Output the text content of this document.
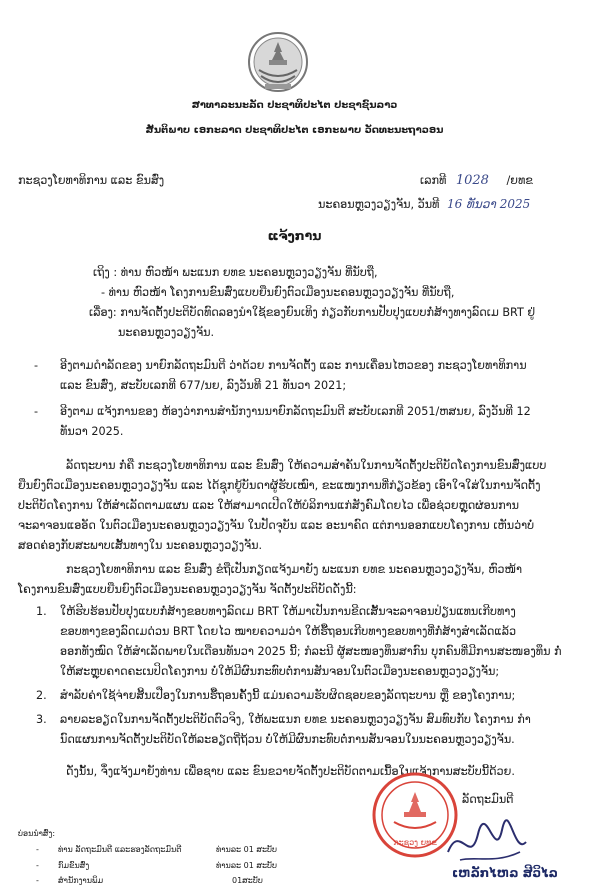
ສາທາລະນະລັດ ປະຊາທິປະໄຕ ປະຊາຊົນລາວ
ສັນຕິພາບ ເອກະລາດ ປະຊາທິປະໄຕ ເອກະພາບ ວັດທະນະຖາວອນ
ກະຊວງໂຍທາທິການ ແລະ ຂົນສົ່ງ	ເລກທີ 1028 /ຍທຂ
ນະຄອນຫຼວງວຽງຈັນ, ວັນທີ 16 ທັນວາ 2025
ແຈ້ງການ
ເຖິງ : ທ່ານ ຫົວໜ້າ ພະແນກ ຍທຂ ນະຄອນຫຼວງວຽງຈັນ ທີ່ນັບຖື,
- ທ່ານ ຫົວໜ້າ ໂຄງການຂົນສົ່ງແບບຍືນຍົງຕົວເມືອງນະຄອນຫຼວງວຽງຈັນ ທີ່ນັບຖື,
ເລື່ອງ: ການຈັດຕັ້ງປະຕິບັດທົດລອງນຳໃຊ້ຂອງຍົນເທິງ ກ່ຽວກັບການປັບປຸງແບບກໍ່ສ້າງທາງລົດເມ BRT ຢູ່
ນະຄອນຫຼວງວຽງຈັນ.
- ອີງຕາມດຳລັດຂອງ ນາຍົກລັດຖະມົນຕີ ວ່າດ້ວຍ ການຈັດຕັ້ງ ແລະ ການເຄື່ອນໄຫວຂອງ ກະຊວງໂຍທາທິການ
ແລະ ຂົນສົ່ງ, ສະບັບເລກທີ 677/ນຍ, ລົງວັນທີ 21 ທັນວາ 2021;
- ອີງຕາມ ແຈ້ງການຂອງ ຫ້ອງວ່າການສຳນັກງານນາຍົກລັດຖະມົນຕີ ສະບັບເລກທີ 2051/ຫສນຍ, ລົງວັນທີ 12
ທັນວາ 2025.
ລັດຖະບານ ກໍ່ຄື ກະຊວງໂຍທາທິການ ແລະ ຂົນສົ່ງ ໃຫ້ຄວາມສຳຄັນໃນການຈັດຕັ້ງປະຕິບັດໂຄງການຂົນສົ່ງແບບ
ຍືນຍົງຕົວເມືອງນະຄອນຫຼວງວຽງຈັນ ແລະ ໄດ້ຊຸກຍູ້ບັນດາຜູ້ຮັບເໝົາ, ຂະແໜງການທີ່ກ່ຽວຂ້ອງ ເອົາໃຈໃສ່ໃນການຈັດຕັ້ງ
ປະຕິບັດໂຄງການ ໃຫ້ສຳເລັດຕາມແຜນ ແລະ ໃຫ້ສາມາດເປີດໃຫ້ບໍລິການແກ່ສັງຄົມໂດຍໄວ ເພື່ອຊ່ວຍຫຼຸດຜ່ອນການ
ຈະລາຈອນແອອັດ ໃນຕົວເມືອງນະຄອນຫຼວງວຽງຈັນ ໃນປັດຈຸບັນ ແລະ ອະນາຄົດ ແຕ່ການອອກແບບໂຄງການ ເຫັນວ່າບໍ່
ສອດຄ່ອງກັບສະພາບເສັ້ນທາງໃນ ນະຄອນຫຼວງວຽງຈັນ.
ກະຊວງໂຍທາທິການ ແລະ ຂົນສົ່ງ ຂໍຖືເປັນກຽດແຈ້ງມາຍັງ ພະແນກ ຍທຂ ນະຄອນຫຼວງວຽງຈັນ, ຫົວໜ້າ
ໂຄງການຂົນສົ່ງແບບຍືນຍົງຕົວເມືອງນະຄອນຫຼວງວຽງຈັນ ຈັດຕັ້ງປະຕິບັດດັ່ງນີ້:
1. ໃຫ້ຮີບຮ້ອນປັບປຸງແບບກໍ່ສ້າງຂອບທາງລົດເມ BRT ໃຫ້ມາເປັນການຂີດເສັ້ນຈະລາຈອນປ່ຽນແທນເກີບທາງ
ຂອບທາງຂອງລົດເມດ່ວນ BRT ໂດຍໄວ ໝາຍຄວາມວ່າ ໃຫ້ຮື້ຖອນເກີບທາງຂອບທາງທີ່ກໍ່ສ້າງສຳເລັດແລ້ວ
ອອກທັງໝົດ ໃຫ້ສຳເລັດພາຍໃນເດືອນທັນວາ 2025 ນີ້; ກໍລະນີ ຜູ້ສະໜອງທຶນສາກົນ ບຸກຄົນທີ່ມີການສະໜອງທຶນ ກໍ່
ໃຫ້ສະຫຼຸບຄາດຄະເນປິດໂຄງການ ບໍ່ໃຫ້ມີຜົນກະທົບຕໍ່ການສັນຈອນໃນຕົວເມືອງນະຄອນຫຼວງວຽງຈັນ;
2. ສຳລັບຄ່າໃຊ້ຈ່າຍສິ້ນເປືອງໃນການຮື້ຖອນຄັ້ງນີ້ ແມ່ນຄວາມຮັບຜິດຊອບຂອງລັດຖະບານ ຫຼື ຂອງໂຄງການ;
3. ລາຍລະອຽດໃນການຈັດຕັ້ງປະຕິບັດຕົວຈິງ, ໃຫ້ພະແນກ ຍທຂ ນະຄອນຫຼວງວຽງຈັນ ສົມທົບກັບ ໂຄງການ ກຳ
ນົດແຜນການຈັດຕັ້ງປະຕິບັດໃຫ້ລະອຽດຖີ່ຖ້ວນ ບໍ່ໃຫ້ມີຜົນກະທົບຕໍ່ການສັນຈອນໃນນະຄອນຫຼວງວຽງຈັນ.
ດັ່ງນັ້ນ, ຈຶ່ງແຈ້ງມາຍັງທ່ານ ເພື່ອຊາບ ແລະ ຂົນຂວາຍຈັດຕັ້ງປະຕິບັດຕາມເນື້ອໃນແຈ້ງການສະບັບນີ້ດ້ວຍ.
ກະຊວງ ຍທຂ
ລັດຖະມົນຕີ
ເຫລັກໄຫລ ສີວິໄລ
ບ່ອນນຳສົ່ງ:
- ທ່ານ ລັດຖະມົນຕີ ແລະຮອງລັດຖະມົນຕີ	ທ່ານລະ 01 ສະບັບ
- ກົມຂົນສົ່ງ	ທ່ານລະ 01 ສະບັບ
- ສຳນັກງານພິມ	01ສະບັບ
